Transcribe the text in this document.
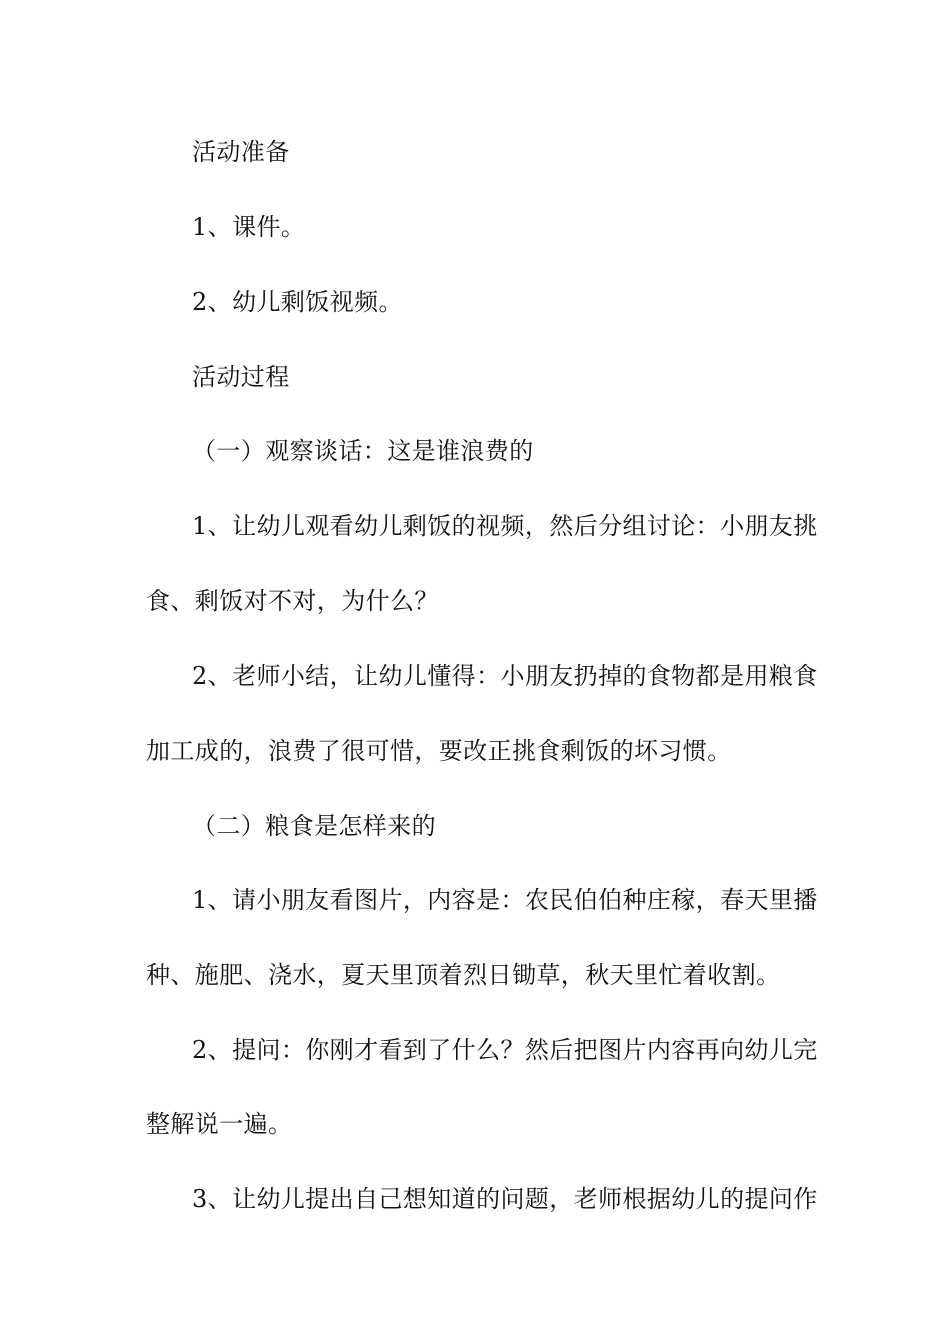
活动准备
1、课件。
2、幼儿剩饭视频。
活动过程
（一）观察谈话：这是谁浪费的
1、让幼儿观看幼儿剩饭的视频，然后分组讨论：小朋友挑
食、剩饭对不对，为什么？
2、老师小结，让幼儿懂得：小朋友扔掉的食物都是用粮食
加工成的，浪费了很可惜，要改正挑食剩饭的坏习惯。
（二）粮食是怎样来的
1、请小朋友看图片，内容是：农民伯伯种庄稼，春天里播
种、施肥、浇水，夏天里顶着烈日锄草，秋天里忙着收割。
2、提问：你刚才看到了什么？然后把图片内容再向幼儿完
整解说一遍。
3、让幼儿提出自己想知道的问题，老师根据幼儿的提问作
